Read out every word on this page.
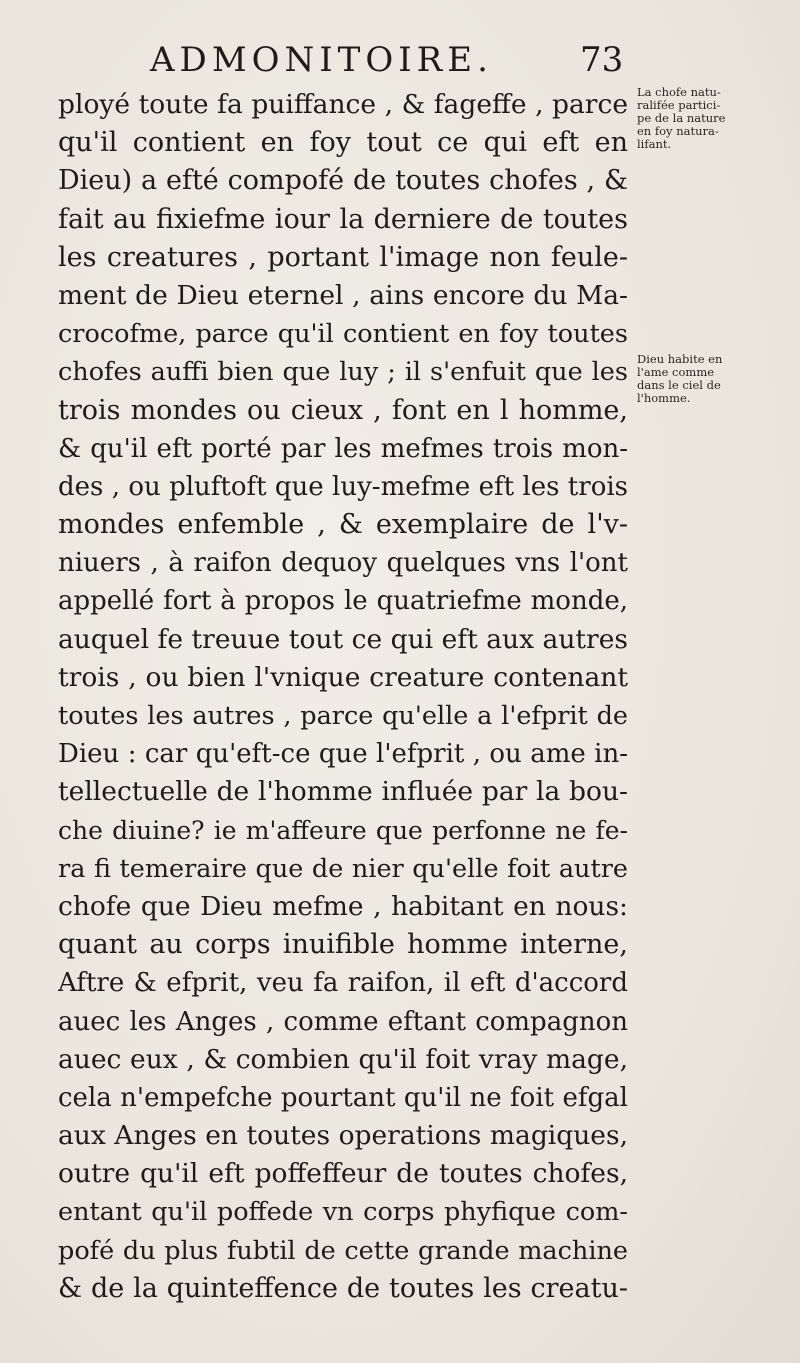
ADMONITOIRE.	73
ployé toute fa puiffance , & fageffe , parce
qu'il contient en foy tout ce qui eft en
Dieu) a efté compofé de toutes chofes , &
fait au fixiefme iour la derniere de toutes
les creatures , portant l'image non feule-
ment de Dieu eternel , ains encore du Ma-
crocofme, parce qu'il contient en foy toutes
chofes auffi bien que luy ; il s'enfuit que les
trois mondes ou cieux , font en l homme,
& qu'il eft porté par les mefmes trois mon-
des , ou pluftoft que luy-mefme eft les trois
mondes enfemble , & exemplaire de l'v-
niuers , à raifon dequoy quelques vns l'ont
appellé fort à propos le quatriefme monde,
auquel fe treuue tout ce qui eft aux autres
trois , ou bien l'vnique creature contenant
toutes les autres , parce qu'elle a l'efprit de
Dieu : car qu'eft-ce que l'efprit , ou ame in-
tellectuelle de l'homme influée par la bou-
che diuine? ie m'affeure que perfonne ne fe-
ra fi temeraire que de nier qu'elle foit autre
chofe que Dieu mefme , habitant en nous:
quant au corps inuifible homme interne,
Aftre & efprit, veu fa raifon, il eft d'accord
auec les Anges , comme eftant compagnon
auec eux , & combien qu'il foit vray mage,
cela n'empefche pourtant qu'il ne foit efgal
aux Anges en toutes operations magiques,
outre qu'il eft poffeffeur de toutes chofes,
entant qu'il poffede vn corps phyfique com-
pofé du plus fubtil de cette grande machine
& de la quinteffence de toutes les creatu-
La chofe natu-
ralifée partici-
pe de la nature
en foy natura-
lifant.
Dieu habite en
l'ame comme
dans le ciel de
l'homme.
